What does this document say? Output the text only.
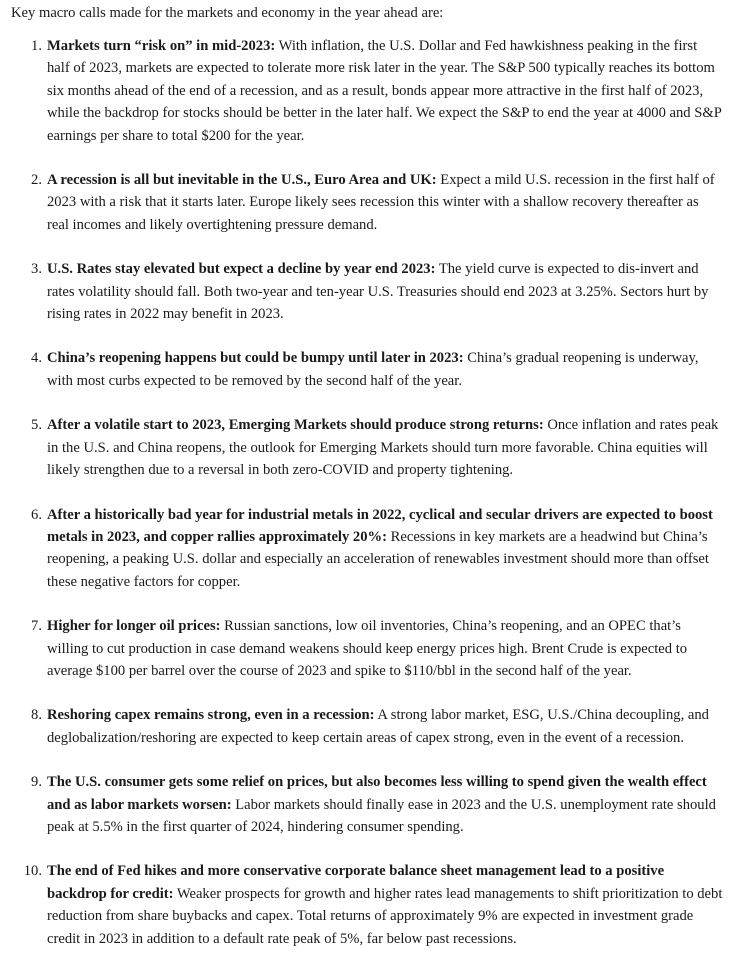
Key macro calls made for the markets and economy in the year ahead are:

1. Markets turn “risk on” in mid-2023: With inflation, the U.S. Dollar and Fed hawkishness peaking in the first half of 2023, markets are expected to tolerate more risk later in the year. The S&P 500 typically reaches its bottom six months ahead of the end of a recession, and as a result, bonds appear more attractive in the first half of 2023, while the backdrop for stocks should be better in the later half. We expect the S&P to end the year at 4000 and S&P earnings per share to total $200 for the year.
2. A recession is all but inevitable in the U.S., Euro Area and UK: Expect a mild U.S. recession in the first half of 2023 with a risk that it starts later. Europe likely sees recession this winter with a shallow recovery thereafter as real incomes and likely overtightening pressure demand.
3. U.S. Rates stay elevated but expect a decline by year end 2023: The yield curve is expected to dis-invert and rates volatility should fall. Both two-year and ten-year U.S. Treasuries should end 2023 at 3.25%. Sectors hurt by rising rates in 2022 may benefit in 2023.
4. China’s reopening happens but could be bumpy until later in 2023: China’s gradual reopening is underway, with most curbs expected to be removed by the second half of the year.
5. After a volatile start to 2023, Emerging Markets should produce strong returns: Once inflation and rates peak in the U.S. and China reopens, the outlook for Emerging Markets should turn more favorable. China equities will likely strengthen due to a reversal in both zero-COVID and property tightening.
6. After a historically bad year for industrial metals in 2022, cyclical and secular drivers are expected to boost metals in 2023, and copper rallies approximately 20%: Recessions in key markets are a headwind but China’s reopening, a peaking U.S. dollar and especially an acceleration of renewables investment should more than offset these negative factors for copper.
7. Higher for longer oil prices: Russian sanctions, low oil inventories, China’s reopening, and an OPEC that’s willing to cut production in case demand weakens should keep energy prices high. Brent Crude is expected to average $100 per barrel over the course of 2023 and spike to $110/bbl in the second half of the year.
8. Reshoring capex remains strong, even in a recession: A strong labor market, ESG, U.S./China decoupling, and deglobalization/reshoring are expected to keep certain areas of capex strong, even in the event of a recession.
9. The U.S. consumer gets some relief on prices, but also becomes less willing to spend given the wealth effect and as labor markets worsen: Labor markets should finally ease in 2023 and the U.S. unemployment rate should peak at 5.5% in the first quarter of 2024, hindering consumer spending.
10. The end of Fed hikes and more conservative corporate balance sheet management lead to a positive backdrop for credit: Weaker prospects for growth and higher rates lead managements to shift prioritization to debt reduction from share buybacks and capex. Total returns of approximately 9% are expected in investment grade credit in 2023 in addition to a default rate peak of 5%, far below past recessions.
